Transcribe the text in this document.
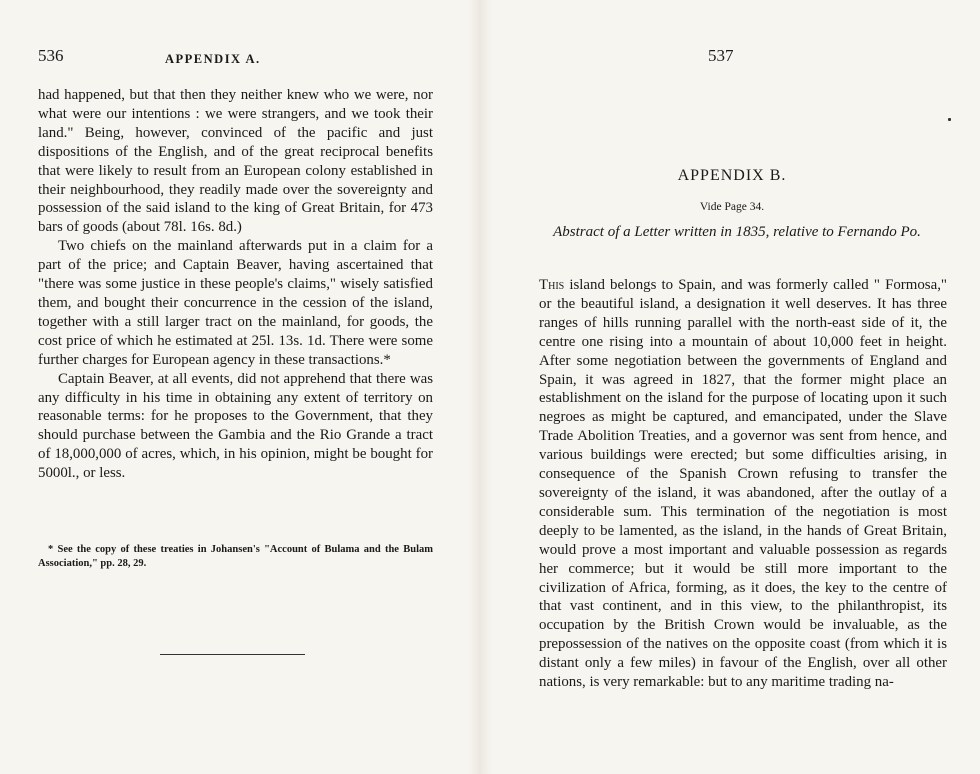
536	APPENDIX A.

had happened, but that then they neither knew who we were, nor what were our intentions : we were strangers, and we took their land." Being, however, convinced of the pacific and just dispositions of the English, and of the great reciprocal benefits that were likely to result from an European colony established in their neighbourhood, they readily made over the sovereignty and possession of the said island to the king of Great Britain, for 473 bars of goods (about 78l. 16s. 8d.)

Two chiefs on the mainland afterwards put in a claim for a part of the price; and Captain Beaver, having ascertained that "there was some justice in these people's claims," wisely satisfied them, and bought their concurrence in the cession of the island, together with a still larger tract on the mainland, for goods, the cost price of which he estimated at 25l. 13s. 1d. There were some further charges for European agency in these transactions.*

Captain Beaver, at all events, did not apprehend that there was any difficulty in his time in obtaining any extent of territory on reasonable terms: for he proposes to the Government, that they should purchase between the Gambia and the Rio Grande a tract of 18,000,000 of acres, which, in his opinion, might be bought for 5000l., or less.

* See the copy of these treaties in Johansen's "Account of Bulama and the Bulam Association," pp. 28, 29.

537
APPENDIX B.
Vide Page 34.
Abstract of a Letter written in 1835, relative to Fernando Po.

This island belongs to Spain, and was formerly called " Formosa," or the beautiful island, a designation it well deserves. It has three ranges of hills running parallel with the north-east side of it, the centre one rising into a mountain of about 10,000 feet in height. After some negotiation between the governments of England and Spain, it was agreed in 1827, that the former might place an establishment on the island for the purpose of locating upon it such negroes as might be captured, and emancipated, under the Slave Trade Abolition Treaties, and a governor was sent from hence, and various buildings were erected; but some difficulties arising, in consequence of the Spanish Crown refusing to transfer the sovereignty of the island, it was abandoned, after the outlay of a considerable sum. This termination of the negotiation is most deeply to be lamented, as the island, in the hands of Great Britain, would prove a most important and valuable possession as regards her commerce; but it would be still more important to the civilization of Africa, forming, as it does, the key to the centre of that vast continent, and in this view, to the philanthropist, its occupation by the British Crown would be invaluable, as the prepossession of the natives on the opposite coast (from which it is distant only a few miles) in favour of the English, over all other nations, is very remarkable: but to any maritime trading na-
